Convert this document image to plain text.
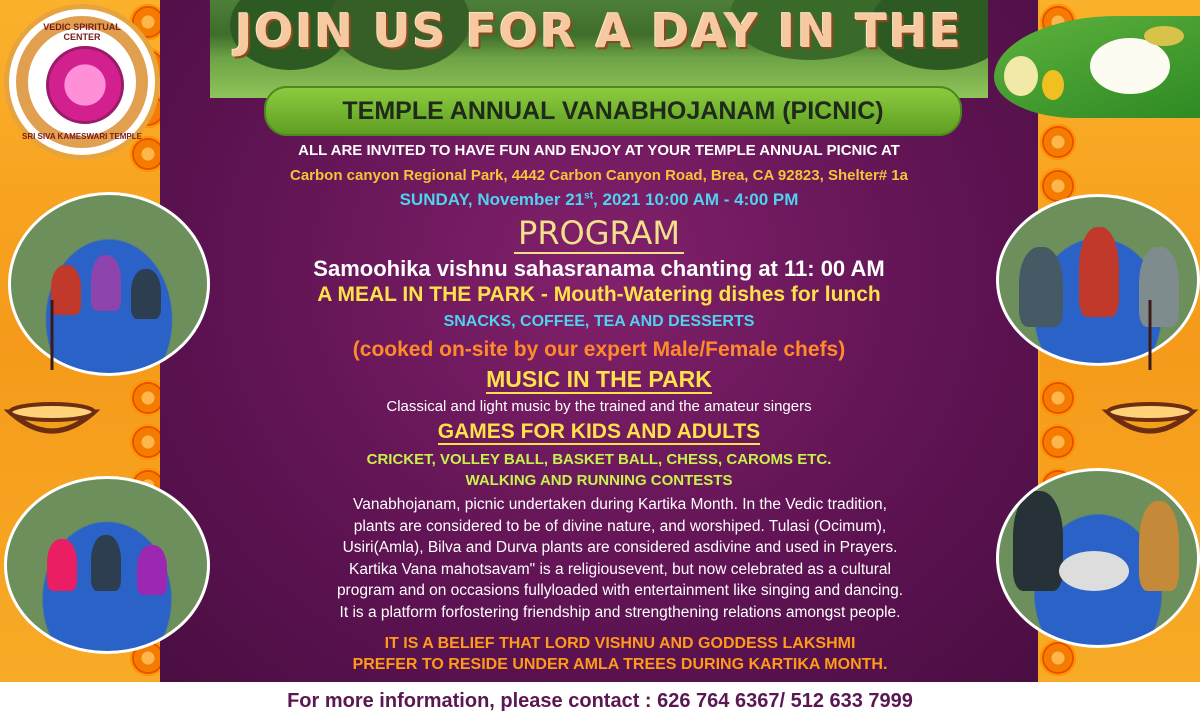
JOIN US FOR A DAY IN THE
TEMPLE ANNUAL VANABHOJANAM (PICNIC)
VEDIC SPIRITUAL CENTER
SRI SIVA KAMESWARI TEMPLE
ALL ARE INVITED TO HAVE FUN AND ENJOY AT YOUR TEMPLE ANNUAL PICNIC AT
Carbon canyon Regional Park, 4442 Carbon Canyon Road, Brea, CA 92823, Shelter# 1a
SUNDAY, November 21st, 2021 10:00 AM - 4:00 PM
PROGRAM
Samoohika vishnu sahasranama chanting at 11: 00 AM
A MEAL IN THE PARK - Mouth-Watering dishes for lunch
SNACKS, COFFEE, TEA AND DESSERTS
(cooked on-site by our expert Male/Female chefs)
MUSIC IN THE PARK
Classical and light music by the trained and the amateur singers
GAMES FOR KIDS AND ADULTS
CRICKET, VOLLEY BALL, BASKET BALL, CHESS, CAROMS ETC.
WALKING AND RUNNING CONTESTS
Vanabhojanam, picnic undertaken during Kartika Month. In the Vedic tradition,
plants are considered to be of divine nature, and worshiped. Tulasi (Ocimum),
Usiri(Amla), Bilva and Durva plants are considered asdivine and used in Prayers.
Kartika Vana mahotsavam" is a religiousevent, but now celebrated as a cultural
program and on occasions fullyloaded with entertainment like singing and dancing.
It is a platform forfostering friendship and strengthening relations amongst people.
IT IS A BELIEF THAT LORD VISHNU AND GODDESS LAKSHMI
PREFER TO RESIDE UNDER AMLA TREES DURING KARTIKA MONTH.
For more information, please contact : 626 764 6367/ 512 633 7999
